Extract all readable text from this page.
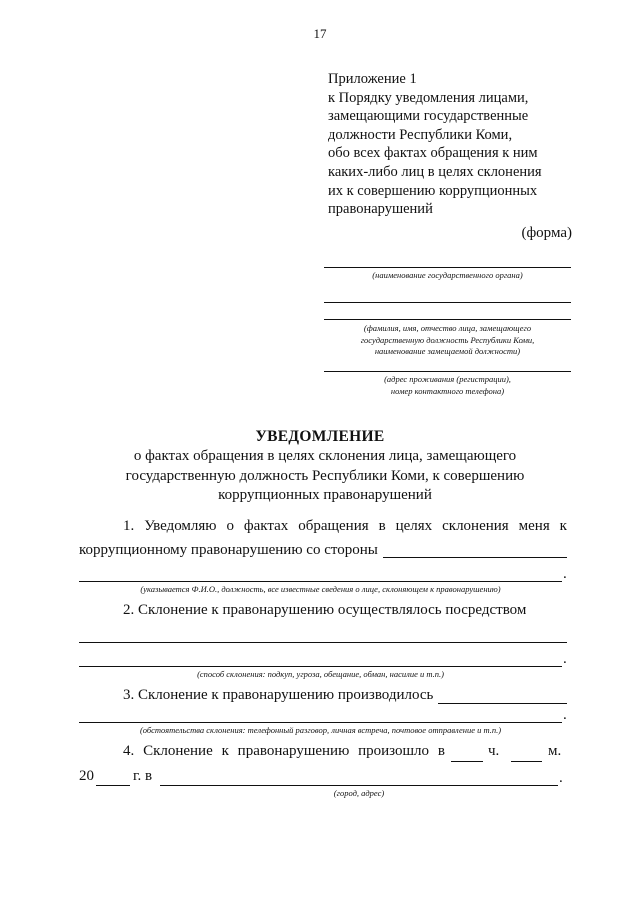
17
Приложение 1
к Порядку уведомления лицами,
замещающими государственные
должности Республики Коми,
обо всех фактах обращения к ним
каких-либо лиц в целях склонения
их к совершению коррупционных
правонарушений
(форма)
(наименование государственного органа)
(фамилия, имя, отчество лица, замещающего
государственную должность Республики Коми,
наименование замещаемой должности)
(адрес проживания (регистрации),
номер контактного телефона)
УВЕДОМЛЕНИЕ
о фактах обращения в целях склонения лица, замещающего государственную должность Республики Коми, к совершению коррупционных правонарушений
1. Уведомляю о фактах обращения в целях склонения меня к
коррупционному правонарушению со стороны
.
(указывается Ф.И.О., должность, все известные сведения о лице, склоняющем к правонарушению)
2. Склонение к правонарушению осуществлялось посредством
.
(способ склонения: подкуп, угроза, обещание, обман, насилие и т.п.)
3. Склонение к правонарушению производилось
.
(обстоятельства склонения: телефонный разговор, личная встреча, почтовое отправление и т.п.)
4. Склонение к правонарушению произошло в	ч.	м.
20	г. в	.
(город, адрес)
